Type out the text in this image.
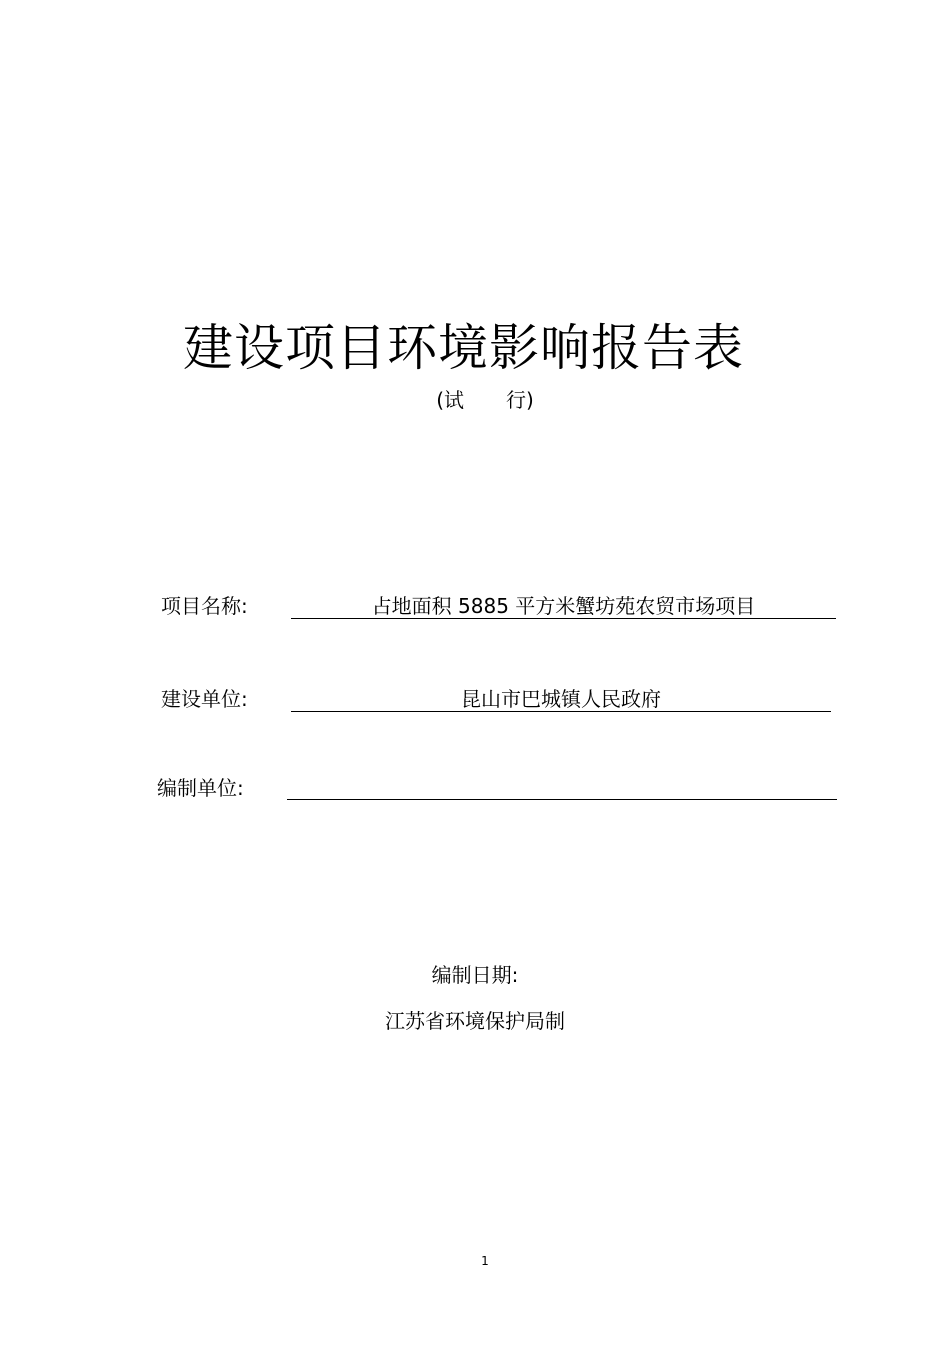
建设项目环境影响报告表
(试 行)
项目名称:	占地面积 5885 平方米蟹坊苑农贸市场项目
建设单位:	昆山市巴城镇人民政府
编制单位:
编制日期:
江苏省环境保护局制
1
